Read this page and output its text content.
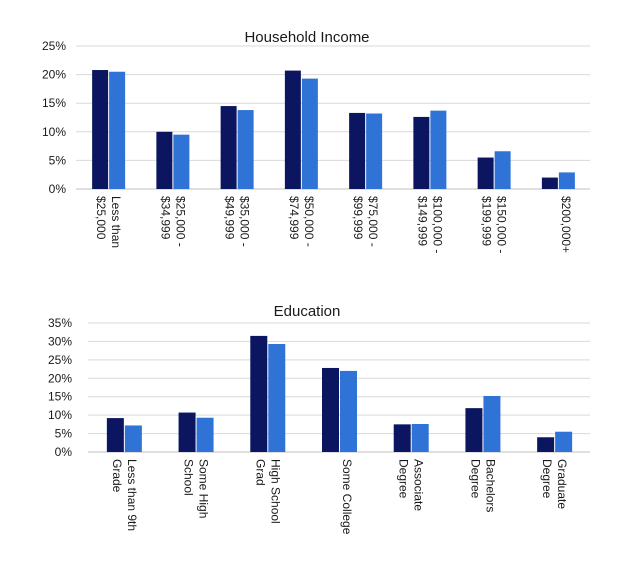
Household Income
0%
5%
10%
15%
20%
25%
Less than$25,000	$25,000 -$34,999	$35,000 -$49,999	$50,000 -$74,999	$75,000 -$99,999	$100,000 -$149,999	$150,000 -$199,999	$200,000+
Education
0%
5%
10%
15%
20%
25%
30%
35%
Less than 9thGrade	Some HighSchool	High SchoolGrad	Some College	AssociateDegree	BachelorsDegree	GraduateDegree
